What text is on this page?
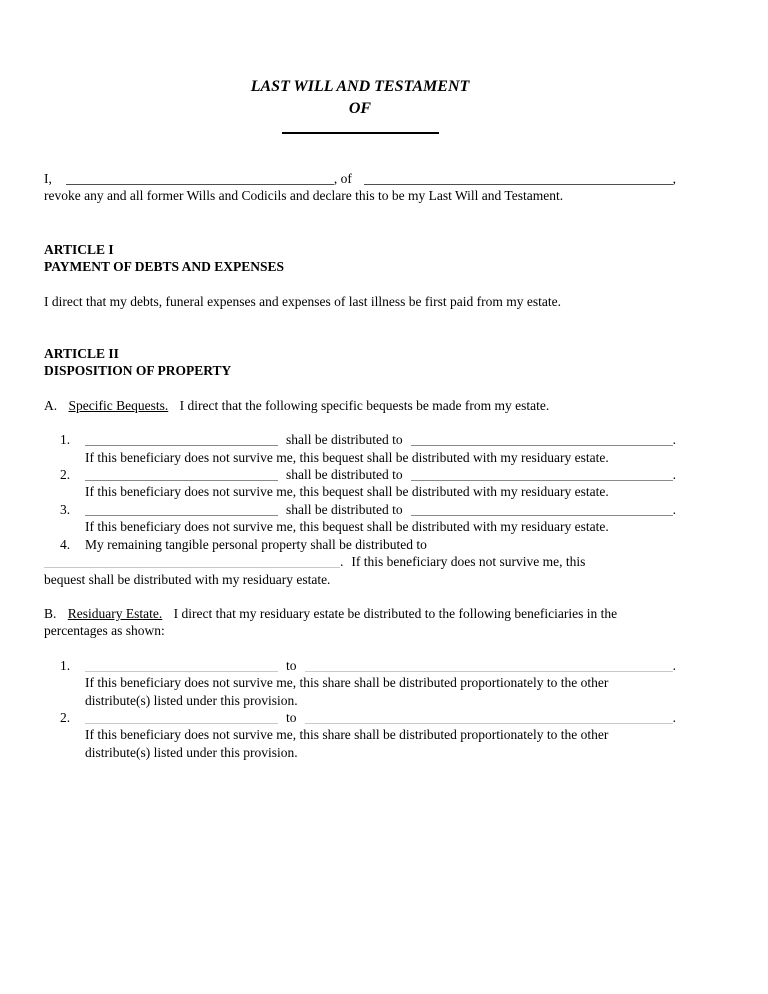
LAST WILL AND TESTAMENT
OF
I,	, of	,
revoke any and all former Wills and Codicils and declare this to be my Last Will and Testament.
ARTICLE I
PAYMENT OF DEBTS AND EXPENSES
I direct that my debts, funeral expenses and expenses of last illness be first paid from my estate.
ARTICLE II
DISPOSITION OF PROPERTY
A. Specific Bequests. I direct that the following specific bequests be made from my estate.
1.	shall be distributed to	.
If this beneficiary does not survive me, this bequest shall be distributed with my residuary estate.
2.	shall be distributed to	.
If this beneficiary does not survive me, this bequest shall be distributed with my residuary estate.
3.	shall be distributed to	.
If this beneficiary does not survive me, this bequest shall be distributed with my residuary estate.
4.	My remaining tangible personal property shall be distributed to
. If this beneficiary does not survive me, this
bequest shall be distributed with my residuary estate.
B. Residuary Estate. I direct that my residuary estate be distributed to the following beneficiaries in the
percentages as shown:
1.	to	.
If this beneficiary does not survive me, this share shall be distributed proportionately to the other
distribute(s) listed under this provision.
2.	to	.
If this beneficiary does not survive me, this share shall be distributed proportionately to the other
distribute(s) listed under this provision.
